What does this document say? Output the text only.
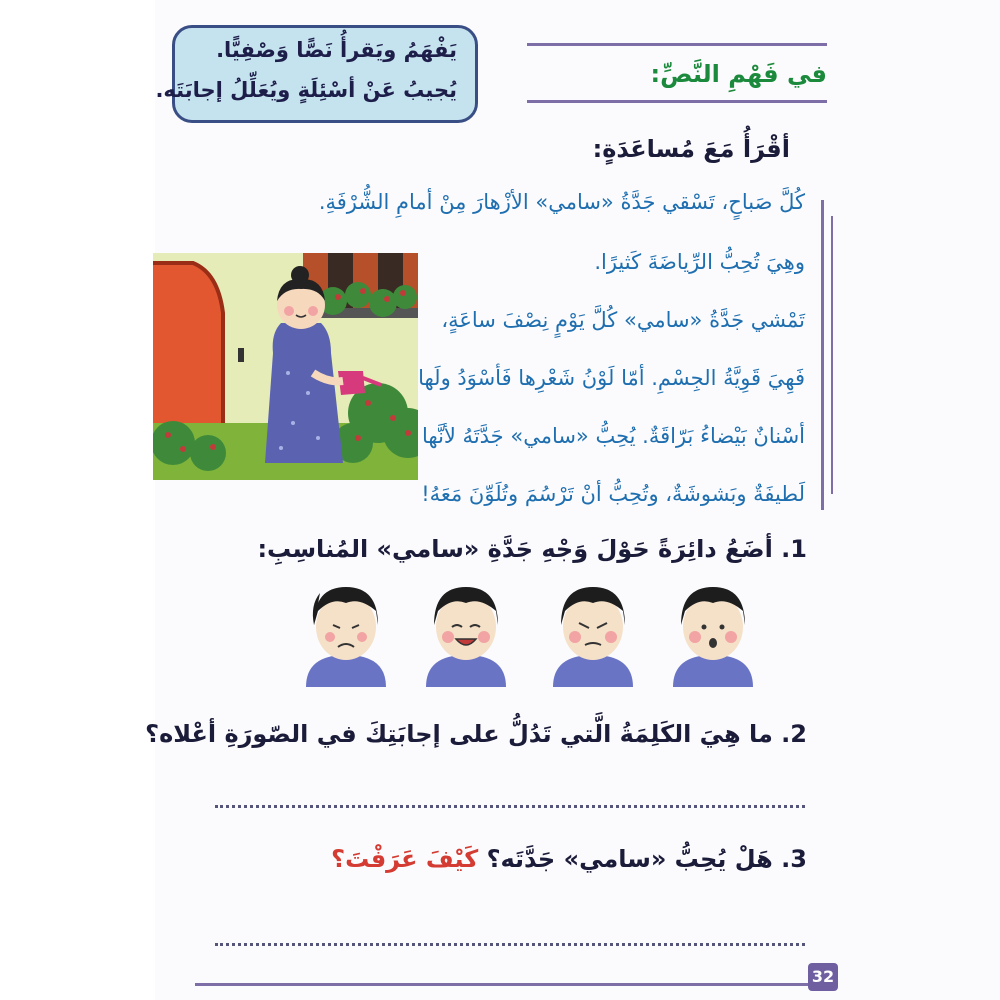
يَفْهَمُ ويَقرأُ نَصًّا وَصْفِيًّا.
يُجيبُ عَنْ أسْئِلَةٍ ويُعَلِّلُ إجابَتَه.
في فَهْمِ النَّصِّ:
أقْرَأُ مَعَ مُساعَدَةٍ:
كُلَّ صَباحٍ، تَسْقي جَدَّةُ «سامي» الأزْهارَ مِنْ أمامِ الشُّرْفَةِ.
وهِيَ تُحِبُّ الرِّياضَةَ كَثيرًا.
تَمْشي جَدَّةُ «سامي» كُلَّ يَوْمٍ نِصْفَ ساعَةٍ،
فَهِيَ قَوِيَّةُ الجِسْمِ. أمّا لَوْنُ شَعْرِها فَأسْوَدُ ولَها
أسْنانٌ بَيْضاءُ بَرّاقَةٌ. يُحِبُّ «سامي» جَدَّتَهُ لأنَّها
لَطيفَةٌ وبَشوشَةٌ، وتُحِبُّ أنْ تَرْسُمَ وتُلَوِّنَ مَعَهُ!
1. أضَعُ دائِرَةً حَوْلَ وَجْهِ جَدَّةِ «سامي» المُناسِبِ:
2. ما هِيَ الكَلِمَةُ الَّتي تَدُلُّ على إجابَتِكَ في الصّورَةِ أعْلاه؟
3. هَلْ يُحِبُّ «سامي» جَدَّتَه؟ كَيْفَ عَرَفْتَ؟
32
